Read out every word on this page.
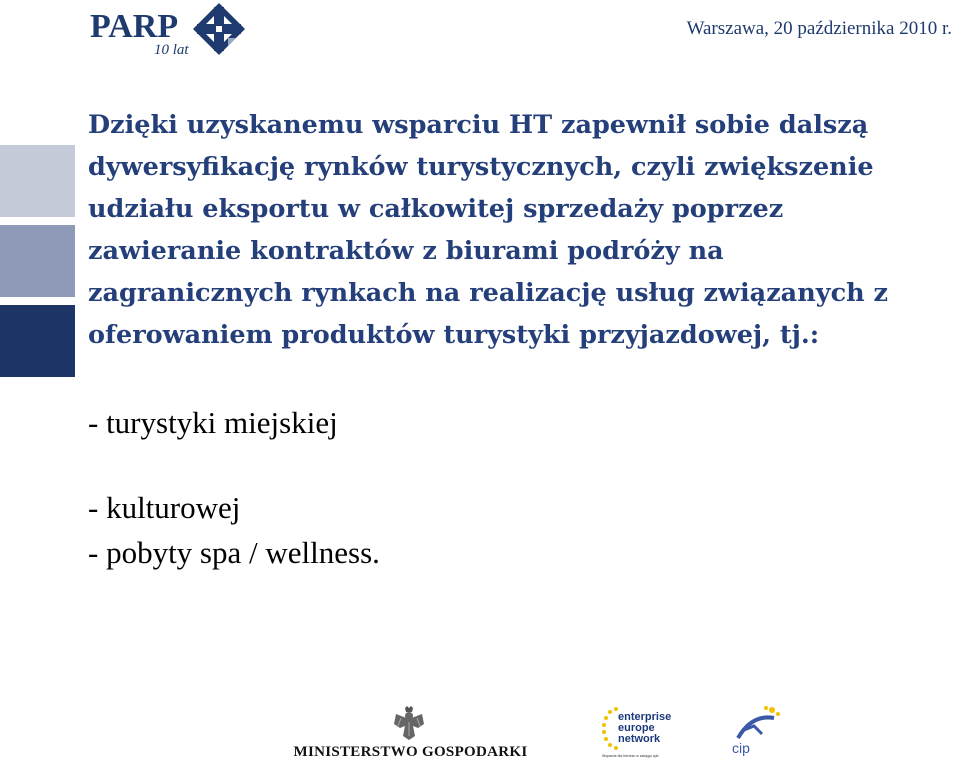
PARP
10 lat
Warszawa, 20 października 2010 r.

Dzięki uzyskanemu wsparciu HT zapewnił sobie dalszą
dywersyfikację rynków turystycznych, czyli zwiększenie
udziału eksportu w całkowitej sprzedaży poprzez
zawieranie kontraktów z biurami podróży na
zagranicznych rynkach na realizację usług związanych z
oferowaniem produktów turystyki przyjazdowej, tj.:

- turystyki miejskiej
- kulturowej
- pobyty spa / wellness.
MINISTERSTWO GOSPODARKI
enterprise
europe
network
Wsparcie dla biznesu w zasięgu ręki	cip
